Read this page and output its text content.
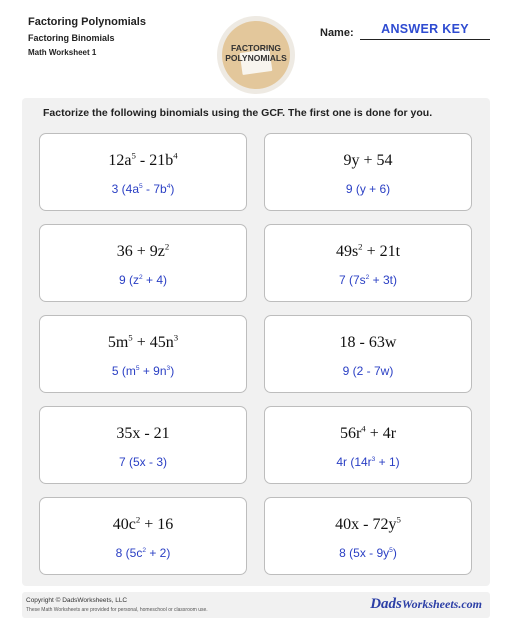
Factoring Polynomials
Factoring Binomials
Math Worksheet 1	FACTORING
POLYNOMIALS
Name:	ANSWER KEY
Factorize the following binomials using the GCF. The first one is done for you.
$12a^5 - 21b^4$
3 $(4a^5 - 7b^4)$
9y + 54
9 (y + 6)
$36 + 9z^2$
9 $(z^2 + 4)$
$49s^2 + 21t$
7 $(7s^2 + 3t)$
$5m^5 + 45n^3$
5 $(m^5 + 9n^3)$
18 - 63w
9 (2 - 7w)
35x - 21
7 (5x - 3)
$56r^4 + 4r$
4r $(14r^3 + 1)$
$40c^2 + 16$
8 $(5c^2 + 2)$
$40x - 72y^5$
8 $(5x - 9y^5)$
Copyright © DadsWorksheets, LLC
These Math Worksheets are provided for personal, homeschool or classroom use.	DadsWorksheets.com
